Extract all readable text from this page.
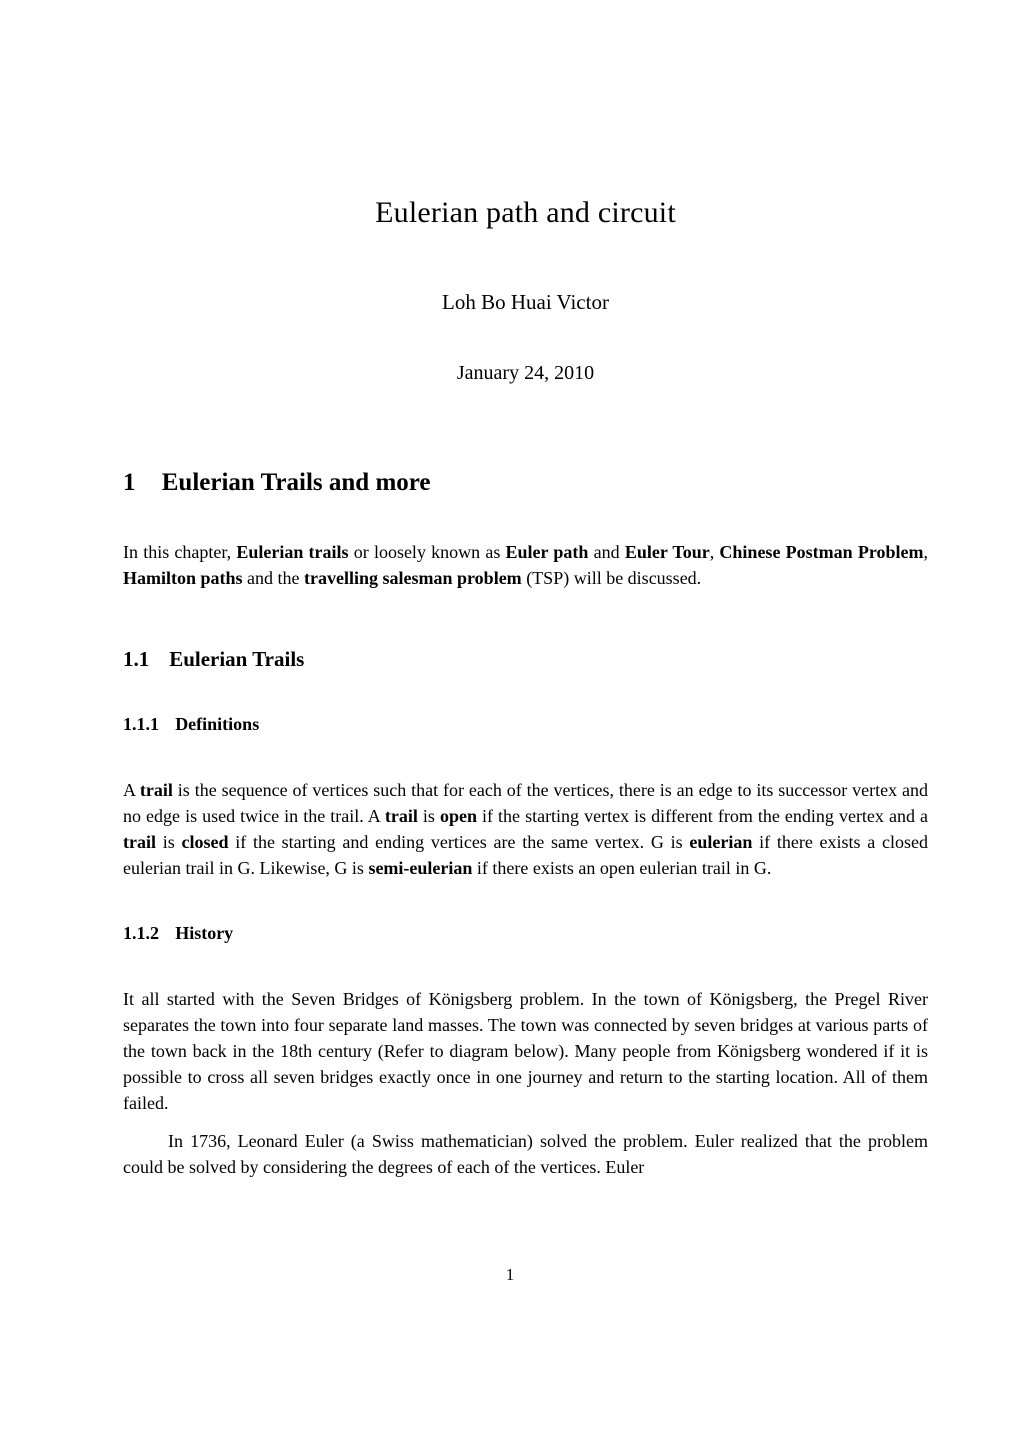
Eulerian path and circuit
Loh Bo Huai Victor
January 24, 2010
1 Eulerian Trails and more

In this chapter, Eulerian trails or loosely known as Euler path and Euler Tour, Chinese Postman Problem, Hamilton paths and the travelling salesman problem (TSP) will be discussed.

1.1 Eulerian Trails
1.1.1 Definitions

A trail is the sequence of vertices such that for each of the vertices, there is an edge to its successor vertex and no edge is used twice in the trail. A trail is open if the starting vertex is different from the ending vertex and a trail is closed if the starting and ending vertices are the same vertex. G is eulerian if there exists a closed eulerian trail in G. Likewise, G is semi-eulerian if there exists an open eulerian trail in G.

1.1.2 History

It all started with the Seven Bridges of Königsberg problem. In the town of Königsberg, the Pregel River separates the town into four separate land masses. The town was connected by seven bridges at various parts of the town back in the 18th century (Refer to diagram below). Many people from Königsberg wondered if it is possible to cross all seven bridges exactly once in one journey and return to the starting location. All of them failed.

In 1736, Leonard Euler (a Swiss mathematician) solved the problem. Euler realized that the problem could be solved by considering the degrees of each of the vertices. Euler

1
